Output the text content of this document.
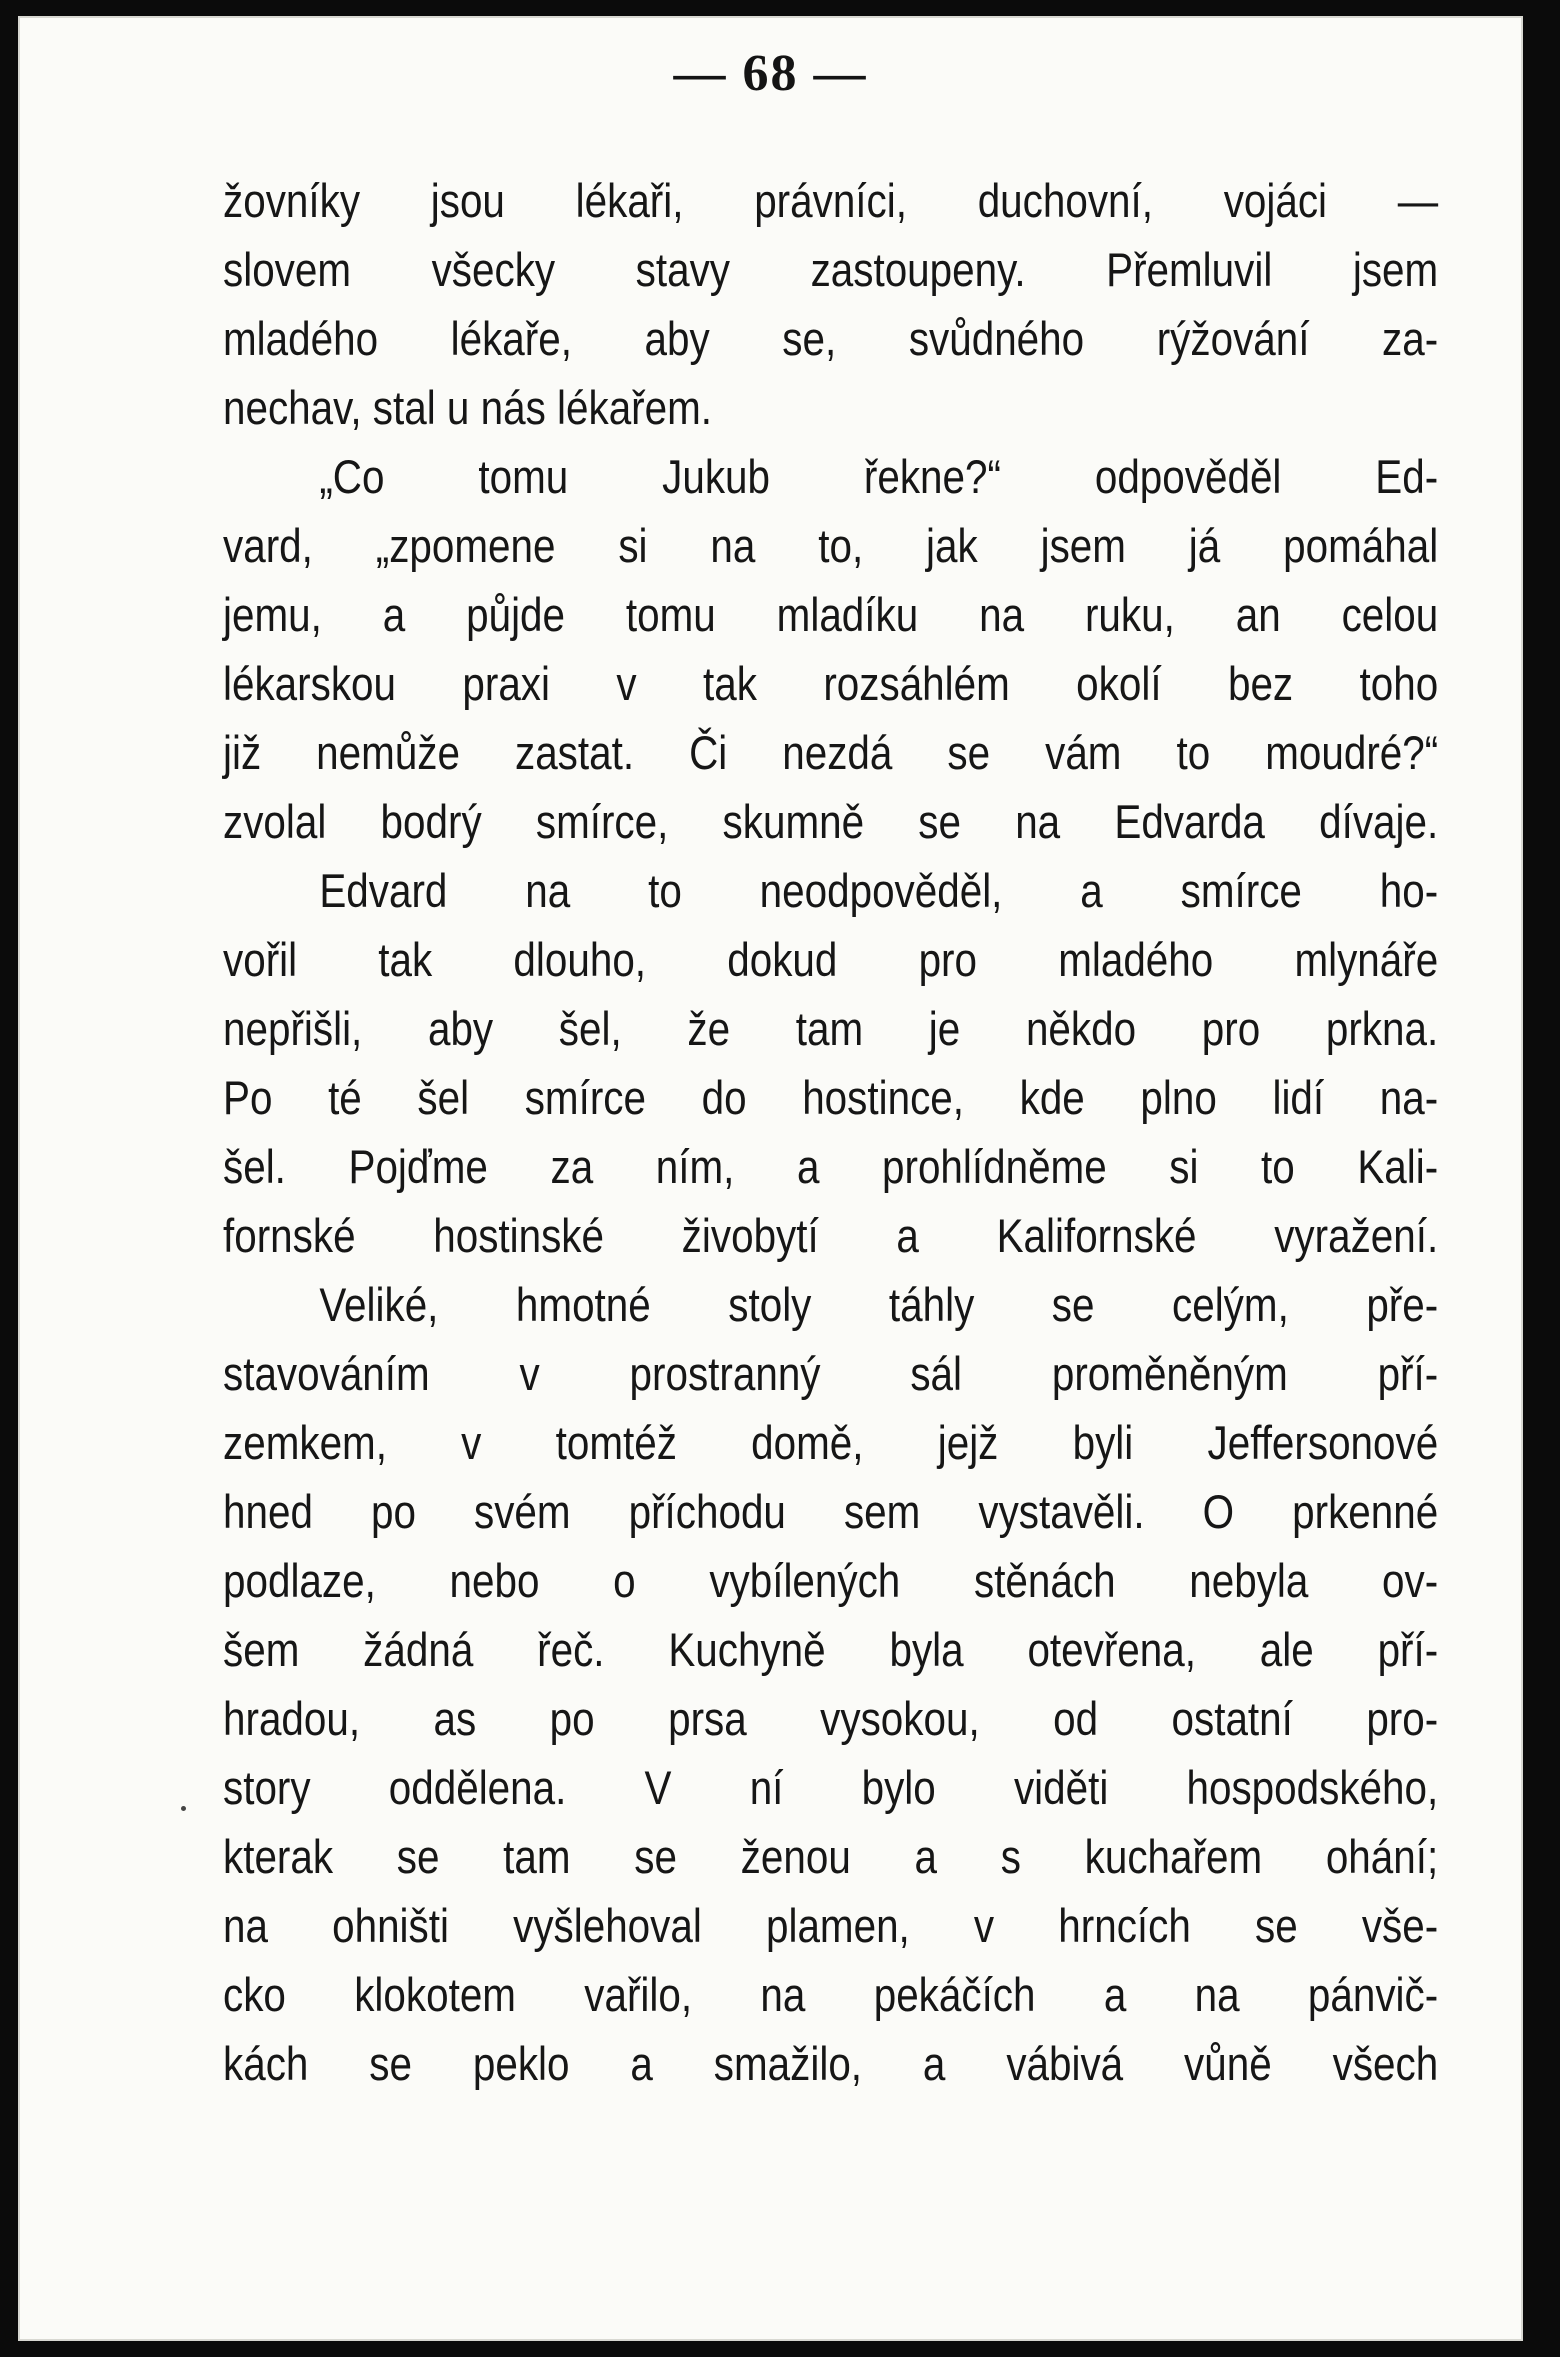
— 68 —
žovníky jsou lékaři, právníci, duchovní, vojáci —
slovem všecky stavy zastoupeny. Přemluvil jsem
mladého lékaře, aby se, svůdného rýžování za-
nechav, stal u nás lékařem.
„Co tomu Jukub řekne?“ odpověděl Ed-
vard, „zpomene si na to, jak jsem já pomáhal
jemu, a půjde tomu mladíku na ruku, an celou
lékarskou praxi v tak rozsáhlém okolí bez toho
již nemůže zastat. Či nezdá se vám to moudré?“
zvolal bodrý smírce, skumně se na Edvarda dívaje.
Edvard na to neodpověděl, a smírce ho-
vořil tak dlouho, dokud pro mladého mlynáře
nepřišli, aby šel, že tam je někdo pro prkna.
Po té šel smírce do hostince, kde plno lidí na-
šel. Pojďme za ním, a prohlídněme si to Kali-
fornské hostinské živobytí a Kalifornské vyražení.
Veliké, hmotné stoly táhly se celým, pře-
stavováním v prostranný sál proměněným pří-
zemkem, v tomtéž domě, jejž byli Jeffersonové
hned po svém příchodu sem vystavěli. O prkenné
podlaze, nebo o vybílených stěnách nebyla ov-
šem žádná řeč. Kuchyně byla otevřena, ale pří-
hradou, as po prsa vysokou, od ostatní pro-
story oddělena. V ní bylo viděti hospodského,
kterak se tam se ženou a s kuchařem ohání;
na ohništi vyšlehoval plamen, v hrncích se vše-
cko klokotem vařilo, na pekáčích a na pánvič-
kách se peklo a smažilo, a vábivá vůně všech
